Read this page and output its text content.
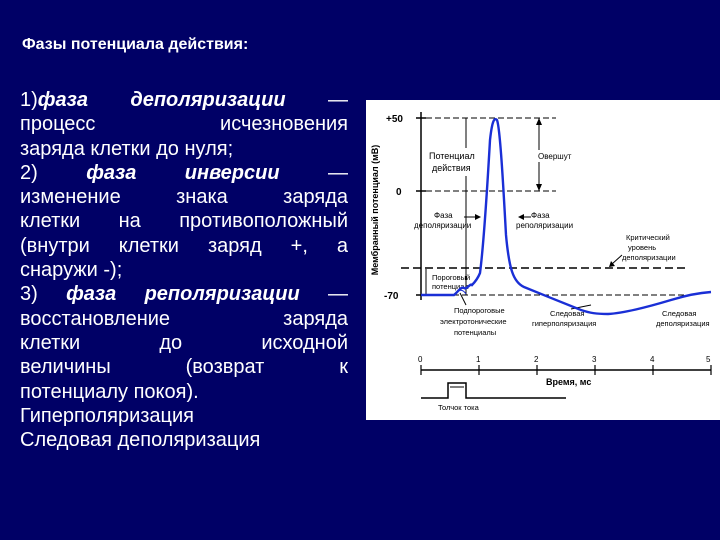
Фазы потенциала действия:
1)фаза деполяризации —
процесс исчезновения
заряда клетки до нуля;
2) фаза инверсии —
изменение знака заряда
клетки на противоположный
(внутри клетки заряд +, а
снаружи -);
3) фаза реполяризации —
восстановление заряда
клетки до исходной
величины (возврат к
потенциалу покоя).
Гиперполяризация
Следовая деполяризация
Мембранный потенциал (мВ)
+50
0
-70
Потенциал
действия
Овершут
Фаза
деполяризации
Фаза
реполяризации
Критический
уровень
деполяризации
Пороговый
потенциал
Подпороговые
электротонические
потенциалы
Следовая
гиперполяризация
Следовая
деполяризация
0	1	2	3	4	5
Время, мс
Толчок тока
